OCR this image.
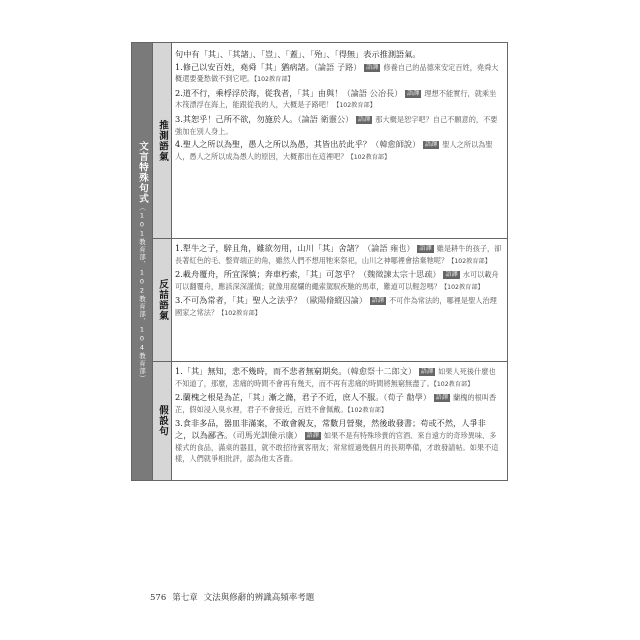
文言特殊句式（101教育部、102教育部、104教育部）
推測語氣
反詰語氣
假設句
句中有「其」、「其諸」、「豈」、「蓋」、「殆」、「得無」表示推測語氣。
1.修己以安百姓，堯舜「其」猶病諸。（論語 子路） 語譯 修養自己的品德來安定百姓，堯舜大概還要憂愁做不到它吧。【102教育部】
2.道不行，乘桴浮於海，從我者，「其」由與！（論語 公冶長） 語譯 理想不能實行，就乘坐木筏漂浮在海上，能跟從我的人，大概是子路吧！【102教育部】
3.其恕乎！己所不欲，勿施於人。（論語 衛靈公） 語譯 那大概是恕字吧？自己不願意的，不要強加在別人身上。
4.聖人之所以為聖，愚人之所以為愚，其皆出於此乎？（韓愈師說） 語譯 聖人之所以為聖人，愚人之所以成為愚人的原因，大概都出在這裡吧？【102教育部】
1.犁牛之子，騂且角，雖欲勿用，山川「其」舍諸？（論語 雍也） 語譯 雖是耕牛的孩子，卻長著紅色的毛、整齊端正的角，雖然人們不想用牠來祭祀，山川之神哪裡會捨棄牠呢？【102教育部】
2.載舟覆舟，所宜深慎；奔車朽索，「其」可忽乎？（魏徵諫太宗十思疏） 語譯 水可以載舟可以翻覆舟，應該深深謹慎；就像用腐爛的繩索駕馭疾馳的馬車，難道可以輕忽嗎？【102教育部】
3.不可為常者，「其」聖人之法乎？（歐陽脩縱囚論） 語譯 不可作為常法的，哪裡是聖人治理國家之常法？【102教育部】
1.「其」無知，悲不幾時，而不悲者無窮期矣。（韓愈祭十二郎文） 語譯 如果人死後什麼也不知道了，那麼，悲痛的時間不會再有幾天，而不再有悲痛的時間將無窮無盡了。【102教育部】
2.蘭槐之根是為芷，「其」漸之滫，君子不近，庶人不服。（荀子 勸學） 語譯 蘭槐的根叫香芷，假如浸入臭水裡，君子不會接近，百姓不會佩戴。【102教育部】
3.食非多品，器皿非滿案，不敢會親友，常數月營聚，然後敢發書；苟或不然，人爭非之，以為鄙吝。（司馬光訓儉示康） 語譯 如果不是有特殊珍貴的官酒、來自遠方的奇珍異味、多樣式的食品，滿桌的器皿，就不敢招待賓客朋友；常常經過幾個月的長期準備，才敢發請帖。如果不這樣，人們就爭相批評，認為他太吝嗇。
576 第七章 文法與修辭的辨識高頻率考題
